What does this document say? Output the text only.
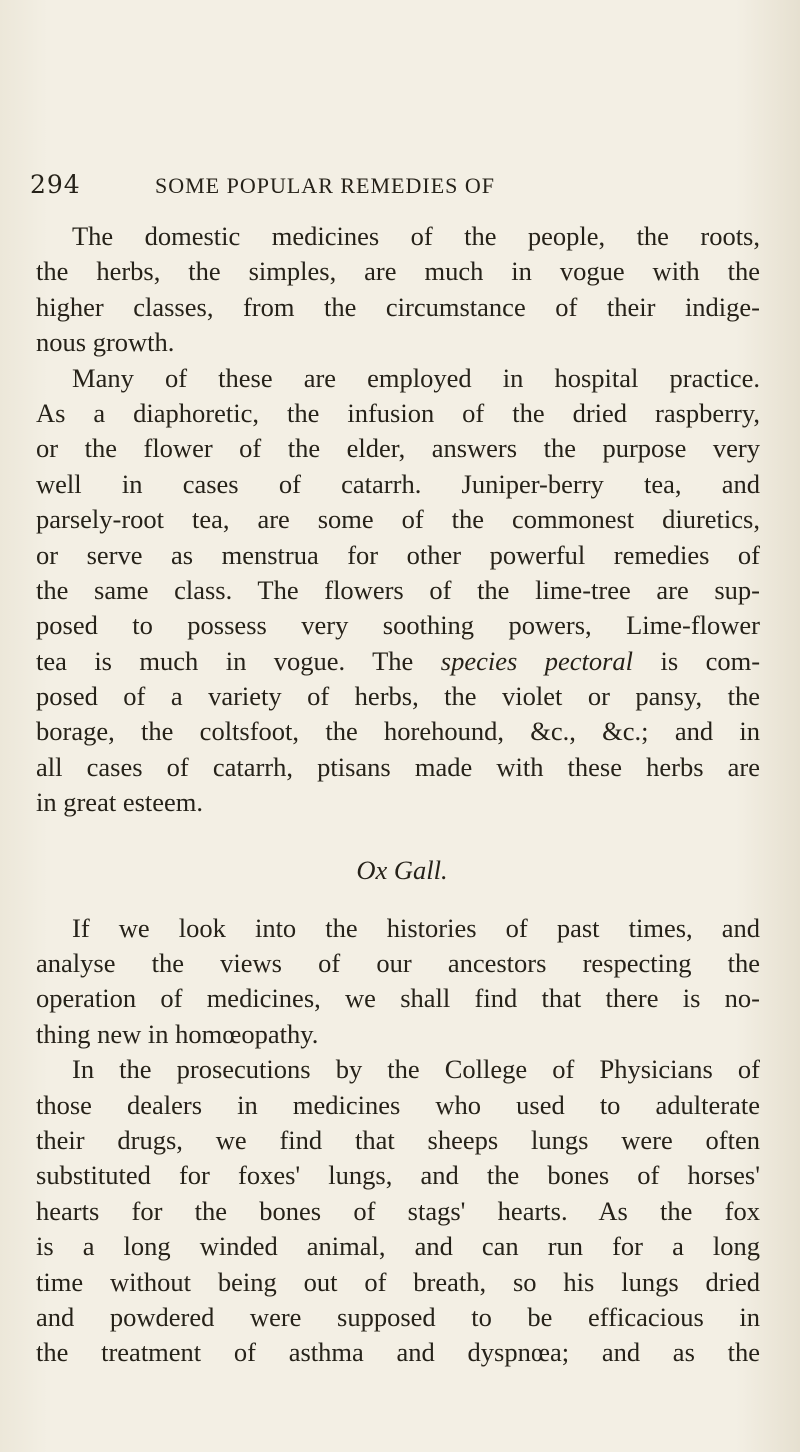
294	SOME POPULAR REMEDIES OF
The domestic medicines of the people, the roots,
the herbs, the simples, are much in vogue with the
higher classes, from the circumstance of their indige-
nous growth.
Many of these are employed in hospital practice.
As a diaphoretic, the infusion of the dried raspberry,
or the flower of the elder, answers the purpose very
well in cases of catarrh. Juniper-berry tea, and
parsely-root tea, are some of the commonest diuretics,
or serve as menstrua for other powerful remedies of
the same class. The flowers of the lime-tree are sup-
posed to possess very soothing powers, Lime-flower
tea is much in vogue. The species pectoral is com-
posed of a variety of herbs, the violet or pansy, the
borage, the coltsfoot, the horehound, &c., &c.; and in
all cases of catarrh, ptisans made with these herbs are
in great esteem.
Ox Gall.
If we look into the histories of past times, and
analyse the views of our ancestors respecting the
operation of medicines, we shall find that there is no-
thing new in homœopathy.
In the prosecutions by the College of Physicians of
those dealers in medicines who used to adulterate
their drugs, we find that sheeps lungs were often
substituted for foxes' lungs, and the bones of horses'
hearts for the bones of stags' hearts. As the fox
is a long winded animal, and can run for a long
time without being out of breath, so his lungs dried
and powdered were supposed to be efficacious in
the treatment of asthma and dyspnœa; and as the
